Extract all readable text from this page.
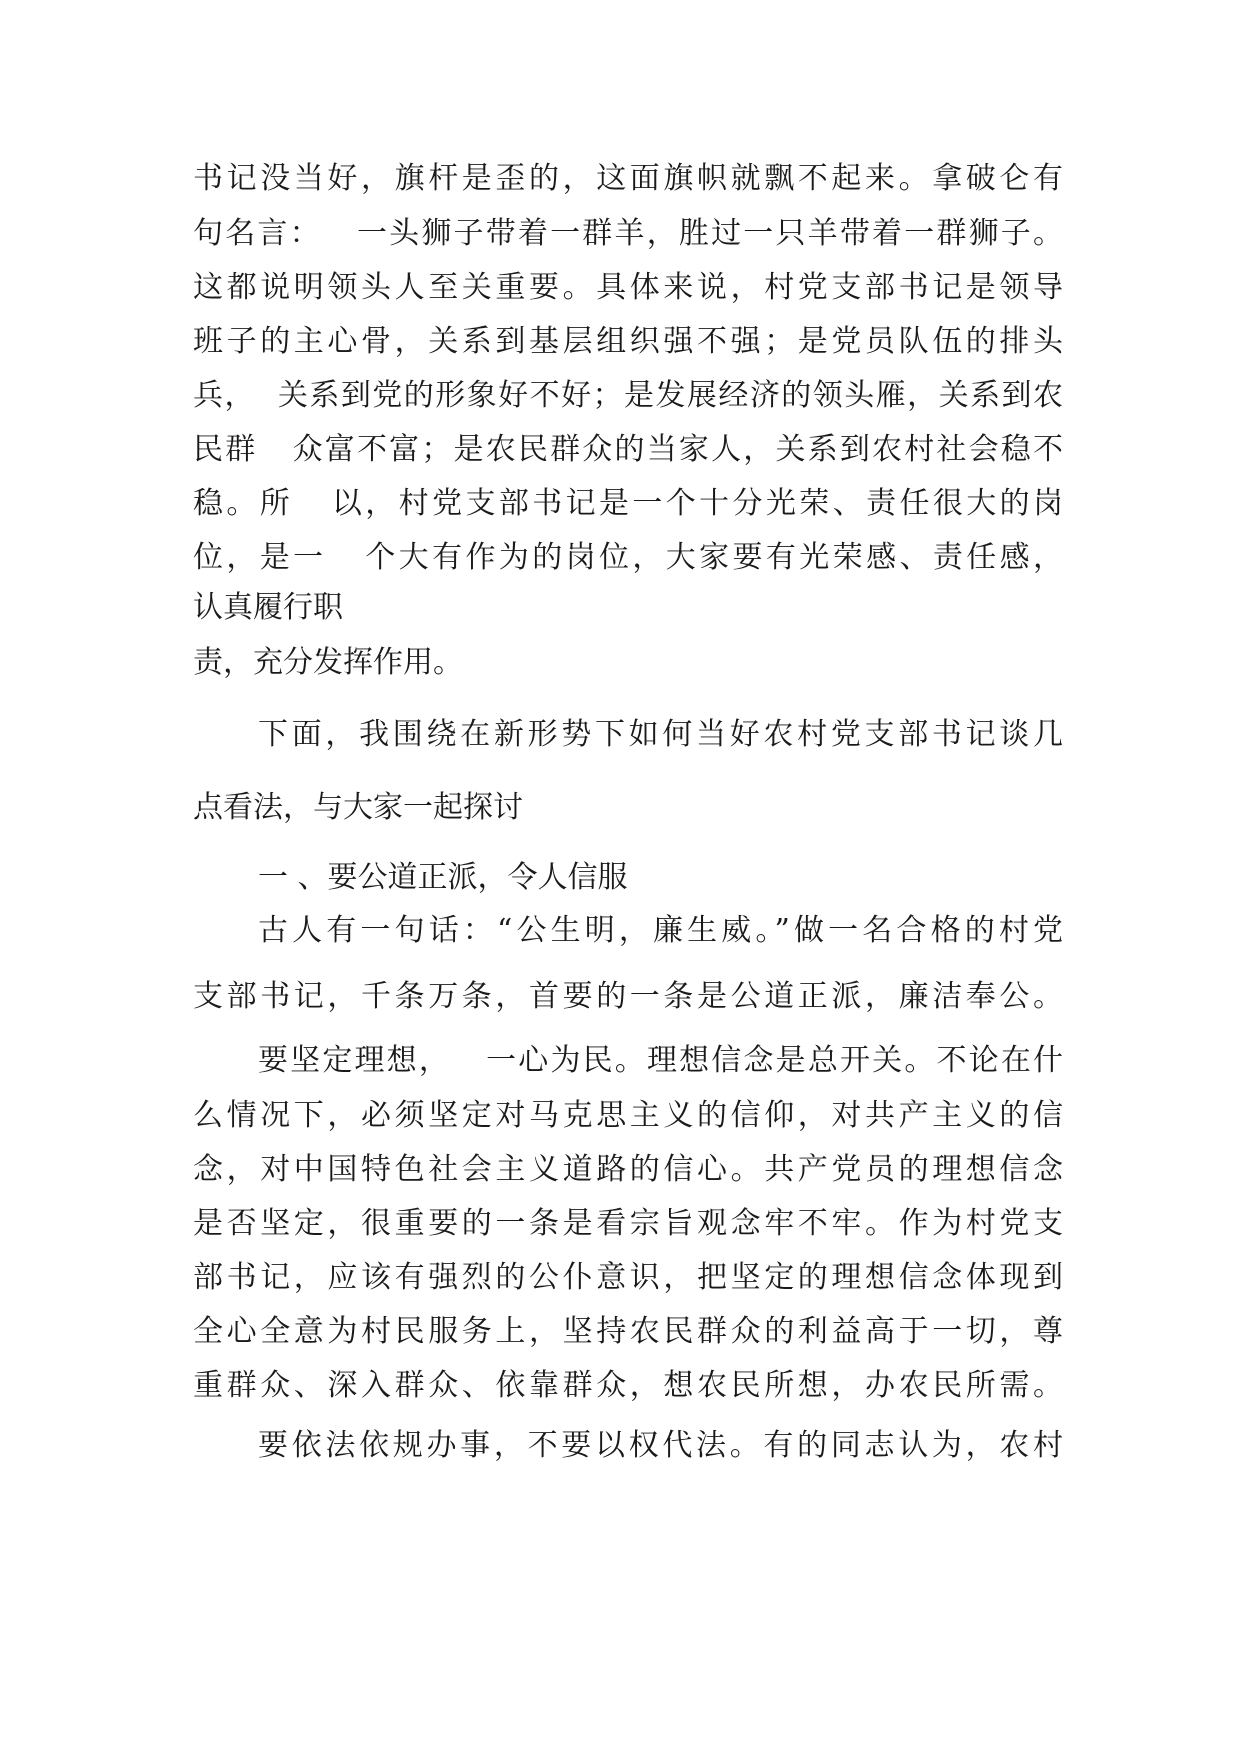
书记没当好，旗杆是歪的，这面旗帜就飘不起来。拿破仑有

句名言：   一头狮子带着一群羊，胜过一只羊带着一群狮子。

这都说明领头人至关重要。具体来说，村党支部书记是领导

班子的主心骨，关系到基层组织强不强；是党员队伍的排头

兵，  关系到党的形象好不好；是发展经济的领头雁，关系到农

民群   众富不富；是农民群众的当家人，关系到农村社会稳不

稳。所   以，村党支部书记是一个十分光荣、责任很大的岗

位，是一   个大有作为的岗位，大家要有光荣感、责任感，

认真履行职

责，充分发挥作用。

下面，我围绕在新形势下如何当好农村党支部书记谈几

点看法，与大家一起探讨

一 、要公道正派，令人信服

古人有一句话：“公生明，廉生威。”做一名合格的村党

支部书记，千条万条，首要的一条是公道正派，廉洁奉公。

要坚定理想，   一心为民。理想信念是总开关。不论在什

么情况下，必须坚定对马克思主义的信仰，对共产主义的信

念，对中国特色社会主义道路的信心。共产党员的理想信念

是否坚定，很重要的一条是看宗旨观念牢不牢。作为村党支

部书记，应该有强烈的公仆意识，把坚定的理想信念体现到

全心全意为村民服务上，坚持农民群众的利益高于一切，尊

重群众、深入群众、依靠群众，想农民所想，办农民所需。

要依法依规办事，不要以权代法。有的同志认为，农村
